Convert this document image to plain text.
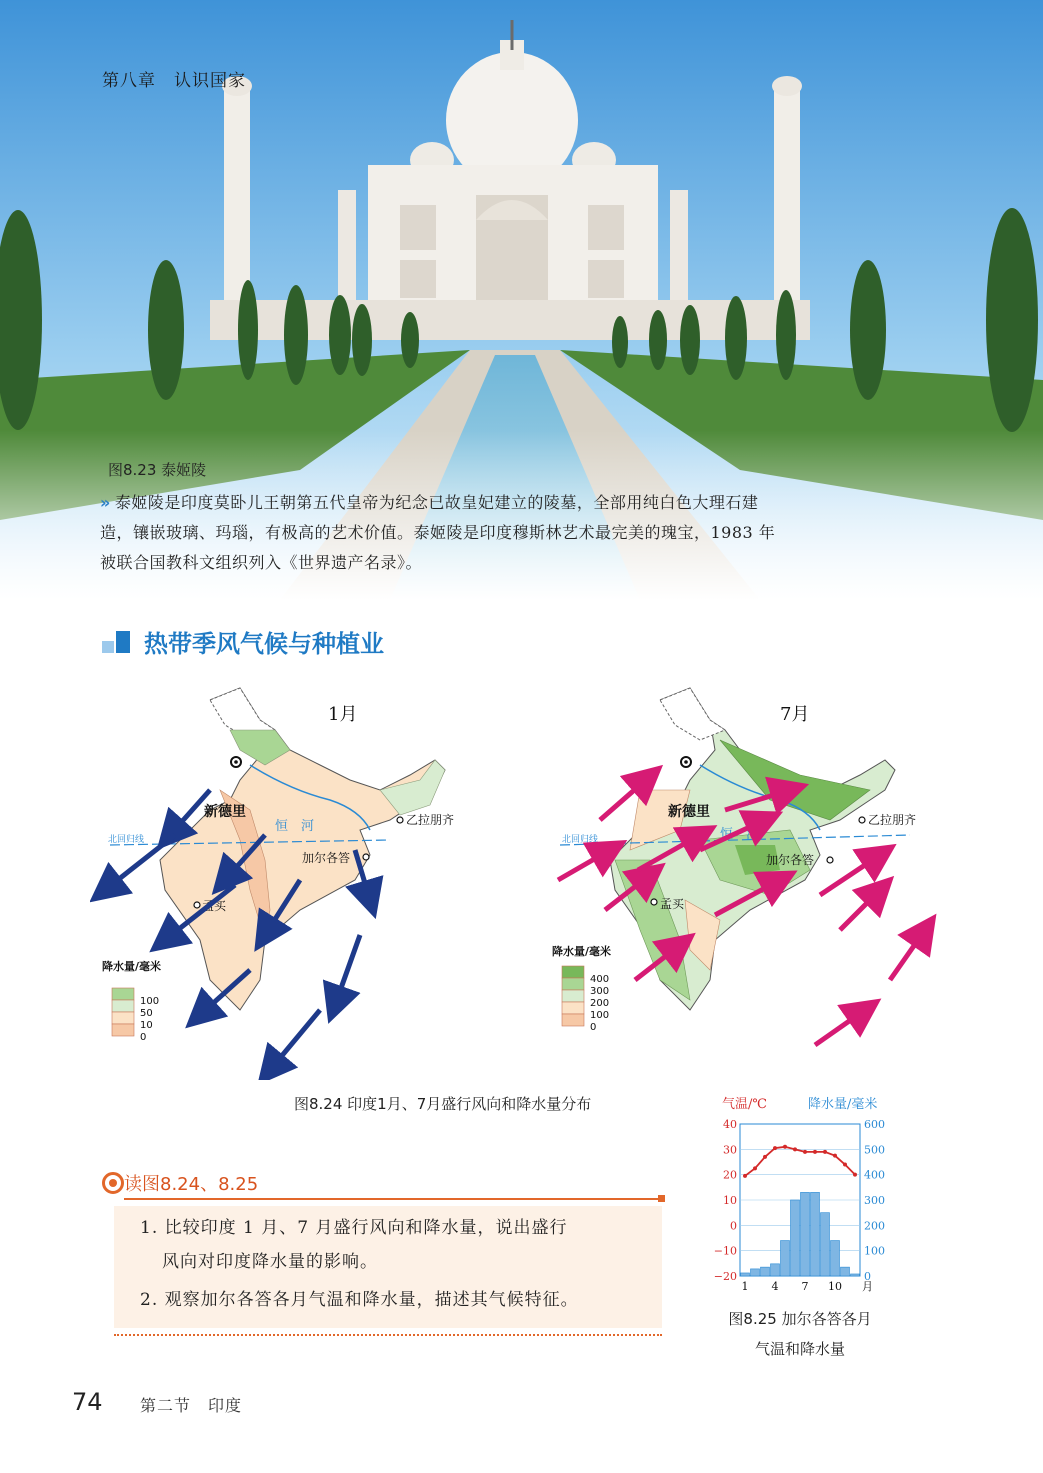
第八章　认识国家
图8.23 泰姬陵
» 泰姬陵是印度莫卧儿王朝第五代皇帝为纪念已故皇妃建立的陵墓，全部用纯白色大理石建
造，镶嵌玻璃、玛瑙，有极高的艺术价值。泰姬陵是印度穆斯林艺术最完美的瑰宝，1983 年
被联合国教科文组织列入《世界遗产名录》。
热带季风气候与种植业
1月
新德里
恒　河
北回归线
加尔各答
孟买
乙拉朋齐
降水量/毫米
100
50
10
0
7月
新德里
恒　河
北回归线
加尔各答
孟买
乙拉朋齐
降水量/毫米
400
300
200
100
0
图8.24 印度1月、7月盛行风向和降水量分布	气温/℃	降水量/毫米
40
30
20
10
0
−10
−20
600
500
400
300
200
100
0
1 4 7 10 月
图8.25 加尔各答各月
气温和降水量
读图8.24、8.25
1. 比较印度 1 月、7 月盛行风向和降水量，说出盛行
风向对印度降水量的影响。
2. 观察加尔各答各月气温和降水量，描述其气候特征。
74 第二节　印度
